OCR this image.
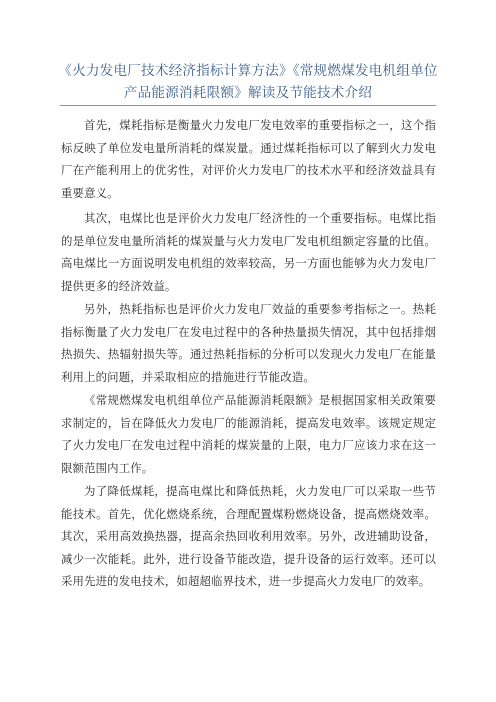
《火力发电厂技术经济指标计算方法》《常规燃煤发电机组单位产品能源消耗限额》解读及节能技术介绍

首先，煤耗指标是衡量火力发电厂发电效率的重要指标之一，这个指标反映了单位发电量所消耗的煤炭量。通过煤耗指标可以了解到火力发电厂在产能利用上的优劣性，对评价火力发电厂的技术水平和经济效益具有重要意义。

其次，电煤比也是评价火力发电厂经济性的一个重要指标。电煤比指的是单位发电量所消耗的煤炭量与火力发电厂发电机组额定容量的比值。高电煤比一方面说明发电机组的效率较高，另一方面也能够为火力发电厂提供更多的经济效益。

另外，热耗指标也是评价火力发电厂效益的重要参考指标之一。热耗指标衡量了火力发电厂在发电过程中的各种热量损失情况，其中包括排烟热损失、热辐射损失等。通过热耗指标的分析可以发现火力发电厂在能量利用上的问题，并采取相应的措施进行节能改造。

《常规燃煤发电机组单位产品能源消耗限额》是根据国家相关政策要求制定的，旨在降低火力发电厂的能源消耗，提高发电效率。该规定规定了火力发电厂在发电过程中消耗的煤炭量的上限，电力厂应该力求在这一限额范围内工作。

为了降低煤耗，提高电煤比和降低热耗，火力发电厂可以采取一些节能技术。首先，优化燃烧系统，合理配置煤粉燃烧设备，提高燃烧效率。其次，采用高效换热器，提高余热回收利用效率。另外，改进辅助设备，减少一次能耗。此外，进行设备节能改造，提升设备的运行效率。还可以采用先进的发电技术，如超超临界技术，进一步提高火力发电厂的效率。
